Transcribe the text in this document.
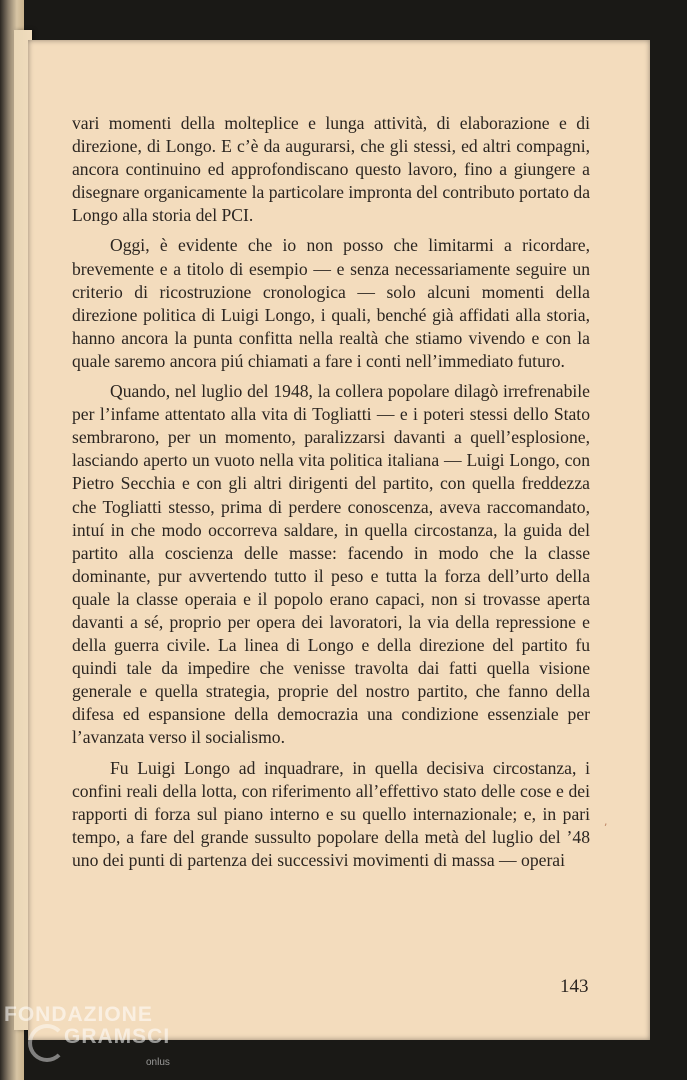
vari momenti della molteplice e lunga attività, di elaborazione e di direzione, di Longo. E c’è da augurarsi, che gli stessi, ed altri compagni, ancora continuino ed approfondiscano questo lavoro, fino a giungere a disegnare organicamente la particolare impronta del contributo portato da Longo alla storia del PCI.

Oggi, è evidente che io non posso che limitarmi a ricordare, brevemente e a titolo di esempio — e senza necessariamente seguire un criterio di ricostruzione cronologica — solo alcuni momenti della direzione politica di Luigi Longo, i quali, benché già affidati alla storia, hanno ancora la punta confitta nella realtà che stiamo vivendo e con la quale saremo ancora piú chiamati a fare i conti nell’immediato futuro.

Quando, nel luglio del 1948, la collera popolare dilagò irrefrenabile per l’infame attentato alla vita di Togliatti — e i poteri stessi dello Stato sembrarono, per un momento, paralizzarsi davanti a quell’esplosione, lasciando aperto un vuoto nella vita politica italiana — Luigi Longo, con Pietro Secchia e con gli altri dirigenti del partito, con quella freddezza che Togliatti stesso, prima di perdere conoscenza, aveva raccomandato, intuí in che modo occorreva saldare, in quella circostanza, la guida del partito alla coscienza delle masse: facendo in modo che la classe dominante, pur avvertendo tutto il peso e tutta la forza dell’urto della quale la classe operaia e il popolo erano capaci, non si trovasse aperta davanti a sé, proprio per opera dei lavoratori, la via della repressione e della guerra civile. La linea di Longo e della direzione del partito fu quindi tale da impedire che venisse travolta dai fatti quella visione generale e quella strategia, proprie del nostro partito, che fanno della difesa ed espansione della democrazia una condizione essenziale per l’avanzata verso il socialismo.

Fu Luigi Longo ad inquadrare, in quella decisiva circostanza, i confini reali della lotta, con riferimento all’effettivo stato delle cose e dei rapporti di forza sul piano interno e su quello internazionale; e, in pari tempo, a fare del grande sussulto popolare della metà del luglio del ’48 uno dei punti di partenza dei successivi movimenti di massa — operai

’
143
FONDAZIONE
GRAMSCI
onlus
